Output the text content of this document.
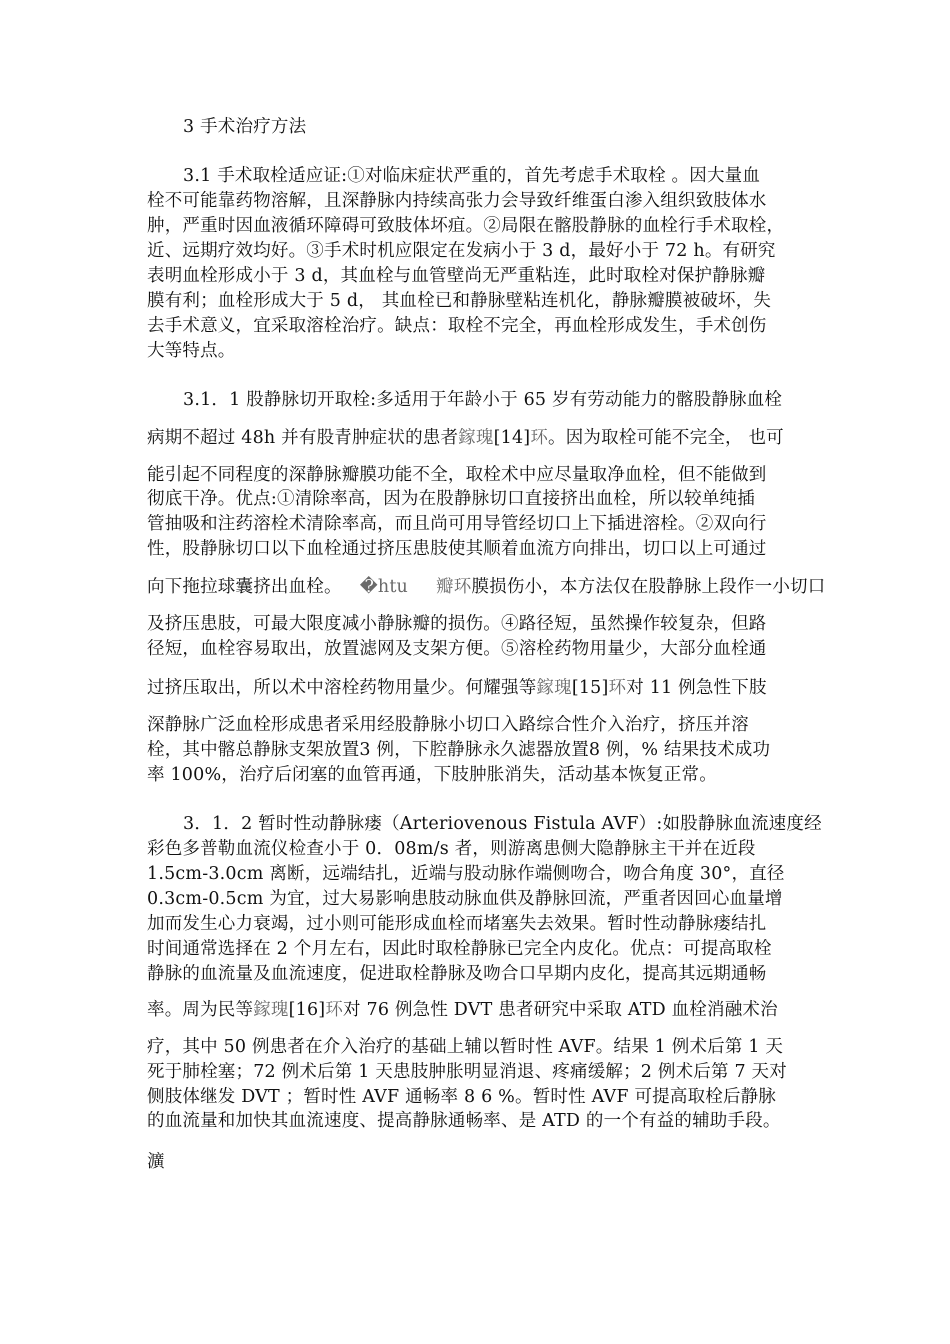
3 手术治疗方法
3.1 手术取栓适应证:①对临床症状严重的，首先考虑手术取栓 。因大量血
栓不可能靠药物溶解，且深静脉内持续高张力会导致纤维蛋白渗入组织致肢体水
肿，严重时因血液循环障碍可致肢体坏疽。②局限在髂股静脉的血栓行手术取栓，
近、远期疗效均好。③手术时机应限定在发病小于 3 d，最好小于 72 h。有研究
表明血栓形成小于 3 d，其血栓与血管壁尚无严重粘连，此时取栓对保护静脉瓣
膜有利；血栓形成大于 5 d， 其血栓已和静脉壁粘连机化，静脉瓣膜被破坏，失
去手术意义，宜采取溶栓治疗。缺点：取栓不完全，再血栓形成发生，手术创伤
大等特点。
3.1．1 股静脉切开取栓:多适用于年龄小于 65 岁有劳动能力的髂股静脉血栓
病期不超过 48h 并有股青肿症状的患者鎵瑰[14]环。因为取栓可能不完全， 也可
能引起不同程度的深静脉瓣膜功能不全，取栓术中应尽量取净血栓，但不能做到
彻底干净。优点:①清除率高，因为在股静脉切口直接挤出血栓，所以较单纯插
管抽吸和注药溶栓术清除率高，而且尚可用导管经切口上下插进溶栓。②双向行
性，股静脉切口以下血栓通过挤压患肢使其顺着血流方向排出，切口以上可通过
向下拖拉球囊挤出血栓。 �htu 瓣环膜损伤小，本方法仅在股静脉上段作一小切口
及挤压患肢，可最大限度减小静脉瓣的损伤。④路径短，虽然操作较复杂，但路
径短，血栓容易取出，放置滤网及支架方便。⑤溶栓药物用量少，大部分血栓通
过挤压取出，所以术中溶栓药物用量少。何耀强等鎵瑰[15]环对 11 例急性下肢
深静脉广泛血栓形成患者采用经股静脉小切口入路综合性介入治疗，挤压并溶
栓，其中髂总静脉支架放置3 例，下腔静脉永久滤器放置8 例，% 结果技术成功
率 100%，治疗后闭塞的血管再通，下肢肿胀消失，活动基本恢复正常。
3．1．2 暂时性动静脉瘘（Arteriovenous Fistula AVF）:如股静脉血流速度经
彩色多普勒血流仪检查小于 0．08m/s 者，则游离患侧大隐静脉主干并在近段
1.5cm-3.0cm 离断，远端结扎，近端与股动脉作端侧吻合，吻合角度 30°，直径
0.3cm-0.5cm 为宜，过大易影响患肢动脉血供及静脉回流，严重者因回心血量增
加而发生心力衰竭，过小则可能形成血栓而堵塞失去效果。暂时性动静脉瘘结扎
时间通常选择在 2 个月左右，因此时取栓静脉已完全内皮化。优点：可提高取栓
静脉的血流量及血流速度，促进取栓静脉及吻合口早期内皮化，提高其远期通畅
率。周为民等鎵瑰[16]环对 76 例急性 DVT 患者研究中采取 ATD 血栓消融术治
疗，其中 50 例患者在介入治疗的基础上辅以暂时性 AVF。结果 1 例术后第 1 天
死于肺栓塞；72 例术后第 1 天患肢肿胀明显消退、疼痛缓解；2 例术后第 7 天对
侧肢体继发 DVT ；暂时性 AVF 通畅率 8 6 %。暂时性 AVF 可提高取栓后静脉
的血流量和加快其血流速度、提高静脉通畅率、是 ATD 的一个有益的辅助手段。
瀇
